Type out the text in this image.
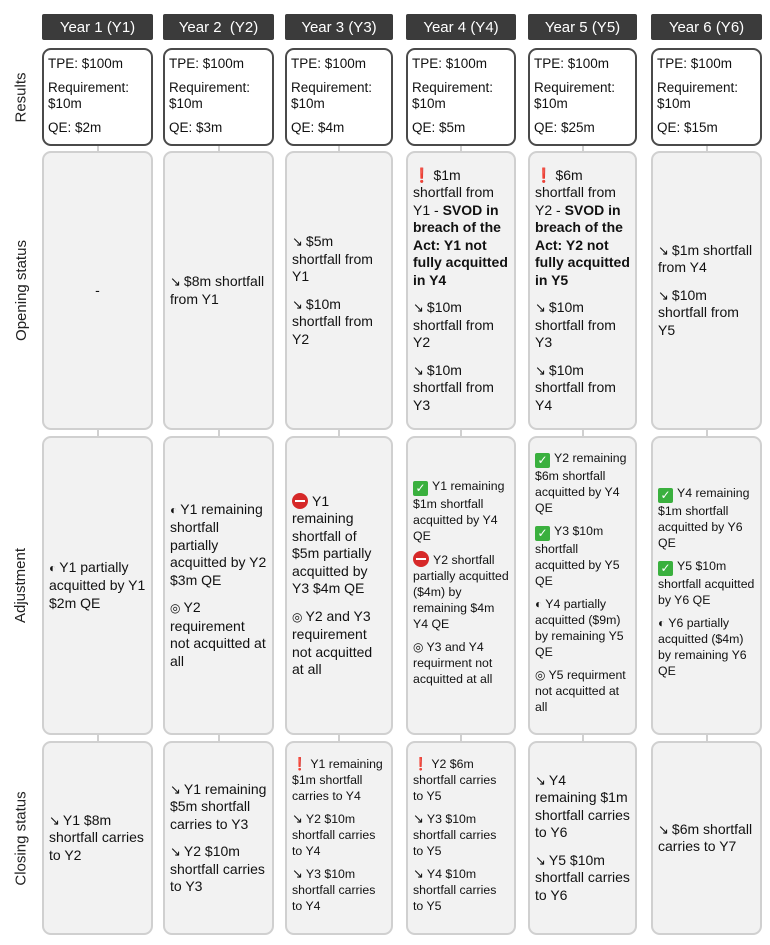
Results
Opening status
Adjustment
Closing status
Year 1 (Y1)
TPE: $100m
Requirement: $10m
QE: $2m
-
◐ Y1 partially acquitted by Y1 $2m QE
↘ Y1 $8m shortfall carries to Y2
Year 2  (Y2)
TPE: $100m
Requirement: $10m
QE: $3m
↘ $8m shortfall from Y1
◐ Y1 remaining shortfall partially acquitted by Y2 $3m QE
◎ Y2 requirement not acquitted at all
↘ Y1 remaining $5m shortfall carries to Y3
↘ Y2 $10m shortfall carries to Y3
Year 3 (Y3)
TPE: $100m
Requirement: $10m
QE: $4m
↘ $5m shortfall from Y1
↘ $10m shortfall from Y2
Y1 remaining shortfall of $5m partially acquitted by Y3 $4m QE
◎ Y2 and Y3 requirement not acquitted at all
❗ Y1 remaining $1m shortfall carries to Y4
↘ Y2 $10m shortfall carries to Y4
↘ Y3 $10m shortfall carries to Y4
Year 4 (Y4)
TPE: $100m
Requirement: $10m
QE: $5m
❗ $1m shortfall from Y1 - SVOD in breach of the Act: Y1 not fully acquitted in Y4
↘ $10m shortfall from Y2
↘ $10m shortfall from Y3
✓ Y1 remaining $1m shortfall acquitted by Y4 QE
Y2 shortfall partially acquitted ($4m) by remaining $4m Y4 QE
◎ Y3 and Y4 requirment not acquitted at all
❗ Y2 $6m shortfall carries to Y5
↘ Y3 $10m shortfall carries to Y5
↘ Y4 $10m shortfall carries to Y5
Year 5 (Y5)
TPE: $100m
Requirement: $10m
QE: $25m
❗ $6m shortfall from Y2 - SVOD in breach of the Act: Y2 not fully acquitted in Y5
↘ $10m shortfall from Y3
↘ $10m shortfall from Y4
✓ Y2 remaining $6m shortfall acquitted by Y4 QE
✓ Y3 $10m shortfall acquitted by Y5 QE
◐ Y4 partially acquitted ($9m) by remaining Y5 QE
◎ Y5 requirment not acquitted at all
↘ Y4 remaining $1m shortfall carries to Y6
↘ Y5 $10m shortfall carries to Y6
Year 6 (Y6)
TPE: $100m
Requirement: $10m
QE: $15m
↘ $1m shortfall from Y4
↘ $10m shortfall from Y5
✓ Y4 remaining $1m shortfall acquitted by Y6 QE
✓ Y5 $10m shortfall acquitted by Y6 QE
◐ Y6 partially acquitted ($4m) by remaining Y6 QE
↘ $6m shortfall carries to Y7
